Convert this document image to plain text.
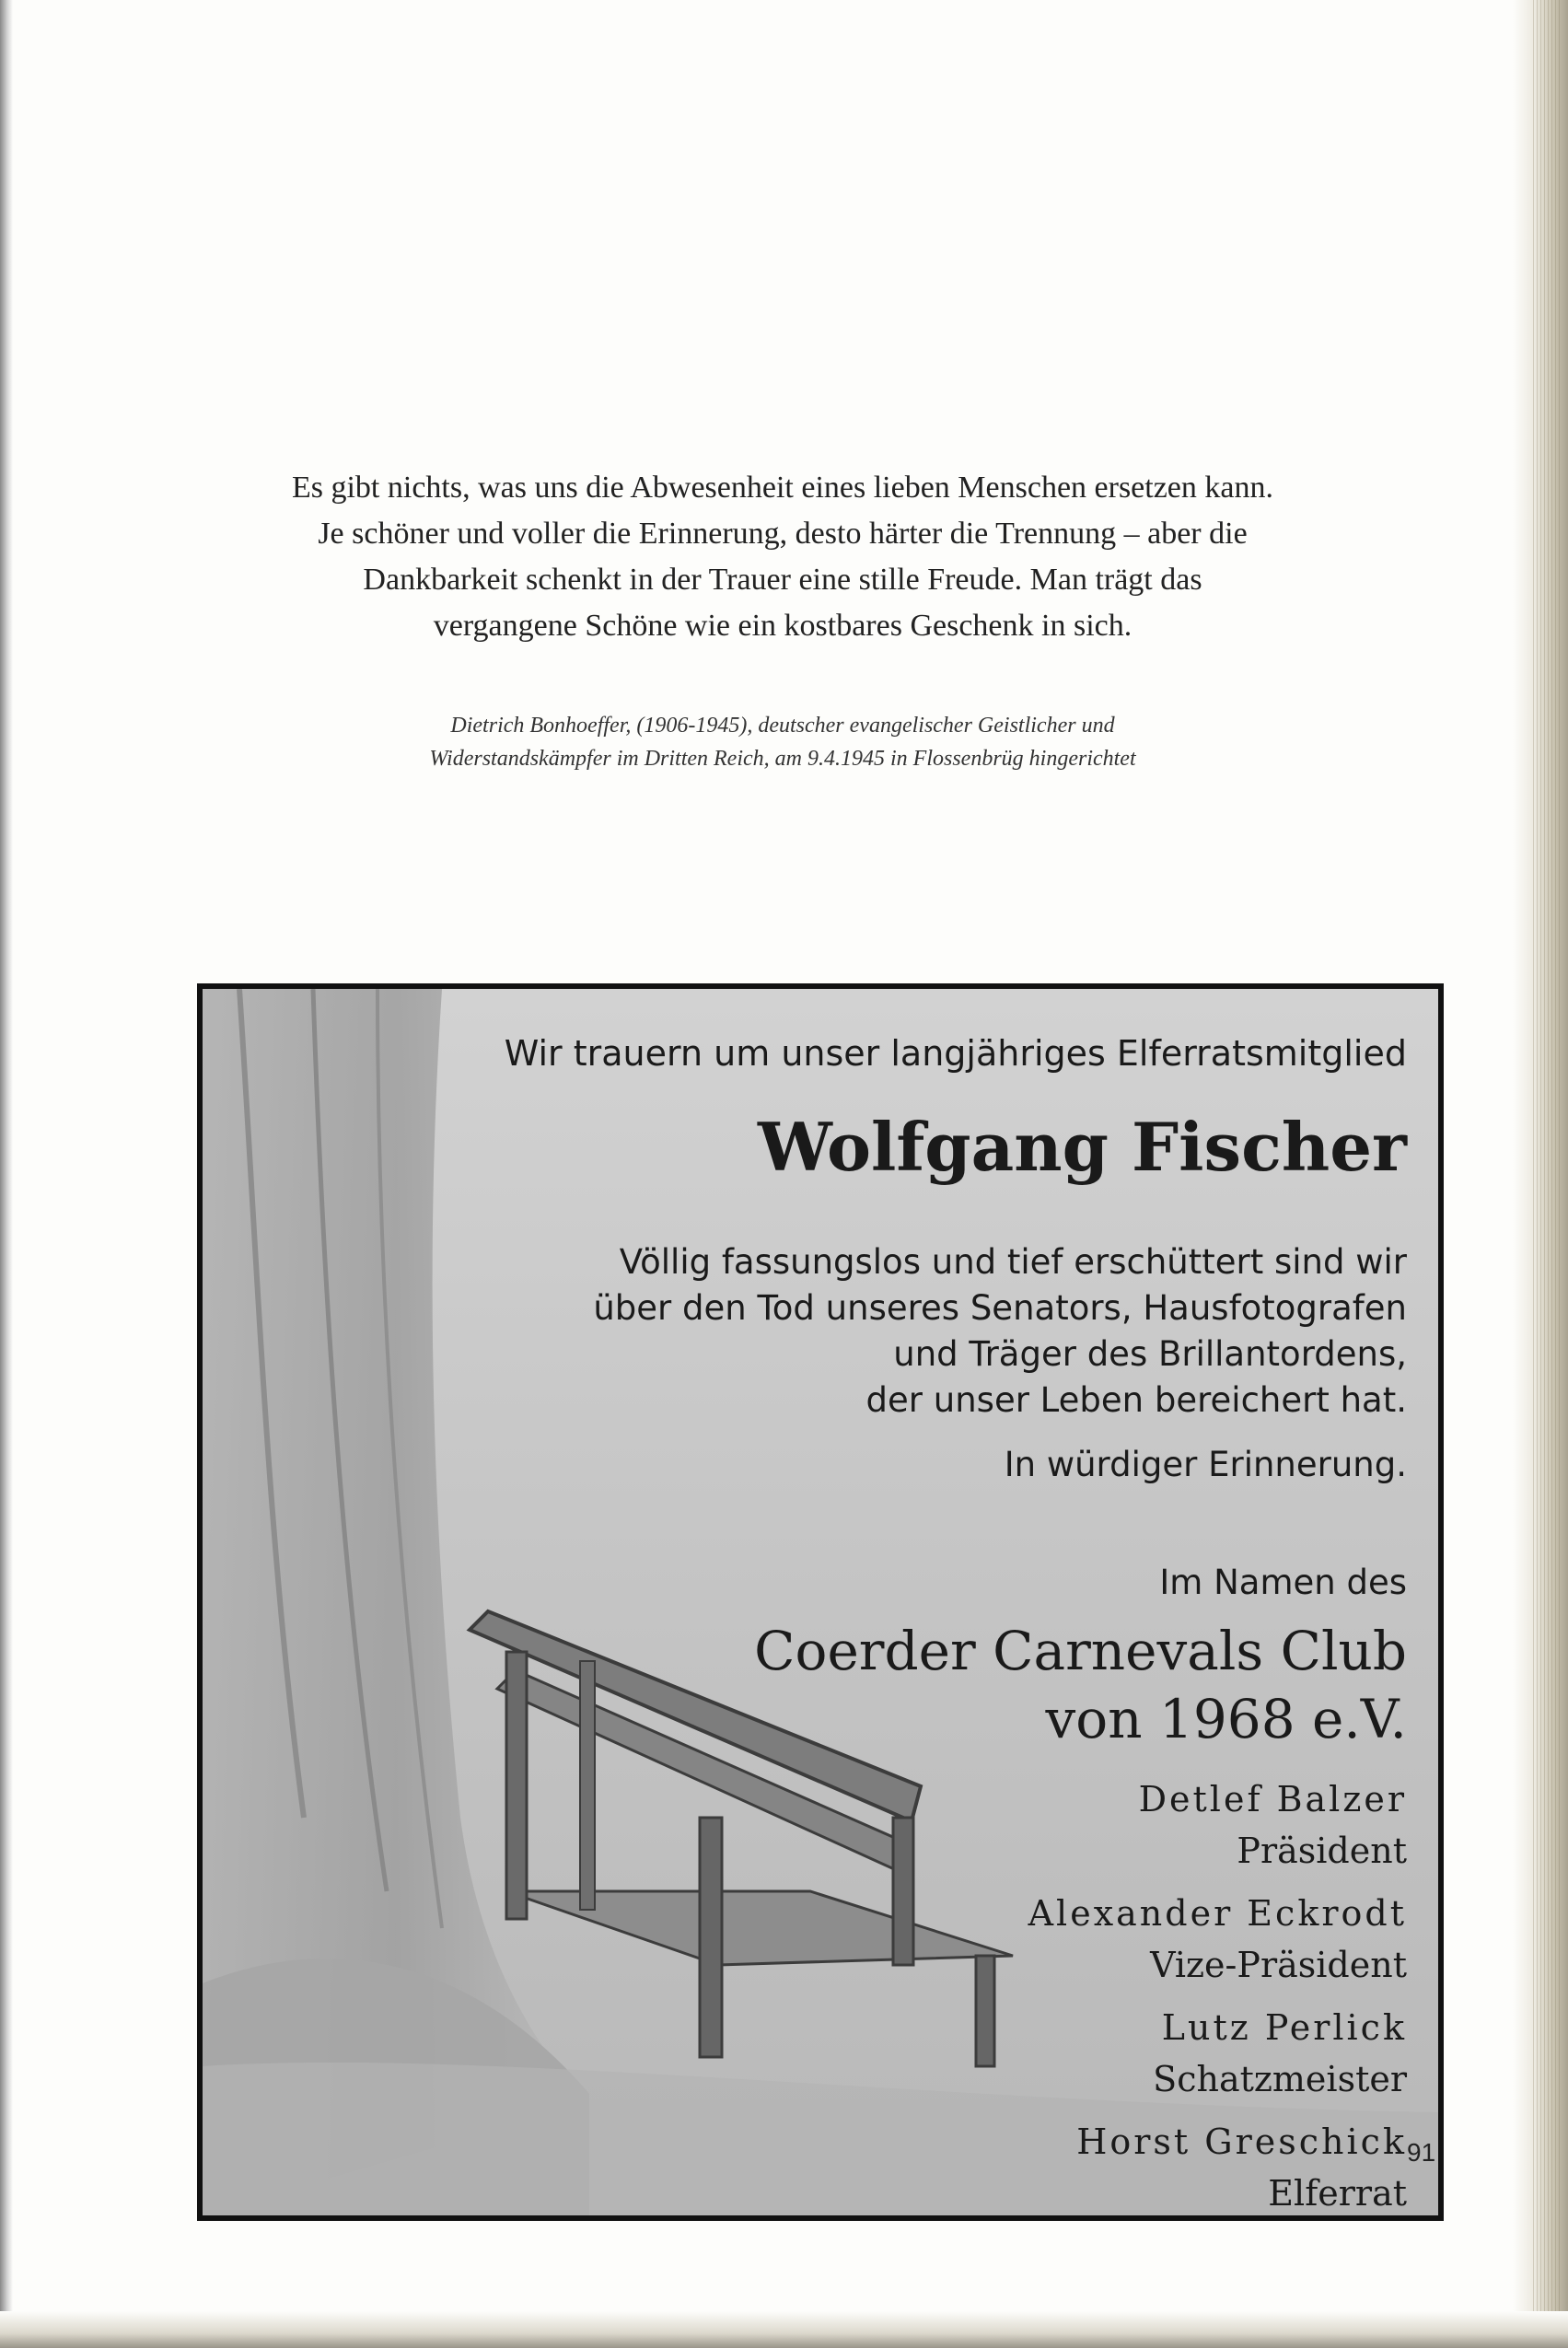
Es gibt nichts, was uns die Abwesenheit eines lieben Menschen ersetzen kann.
Je schöner und voller die Erinnerung, desto härter die Trennung – aber die
Dankbarkeit schenkt in der Trauer eine stille Freude. Man trägt das
vergangene Schöne wie ein kostbares Geschenk in sich.
Dietrich Bonhoeffer, (1906-1945), deutscher evangelischer Geistlicher und
Widerstandskämpfer im Dritten Reich, am 9.4.1945 in Flossenbrüg hingerichtet
Wir trauern um unser langjähriges Elferratsmitglied
Wolfgang Fischer
Völlig fassungslos und tief erschüttert sind wir
über den Tod unseres Senators, Hausfotografen
und Träger des Brillantordens,
der unser Leben bereichert hat.
In würdiger Erinnerung.
Im Namen des
Coerder Carnevals Club
von 1968 e.V.
Detlef Balzer
Präsident
Alexander Eckrodt
Vize-Präsident
Lutz Perlick
Schatzmeister
Horst Greschick
Elferrat
91
